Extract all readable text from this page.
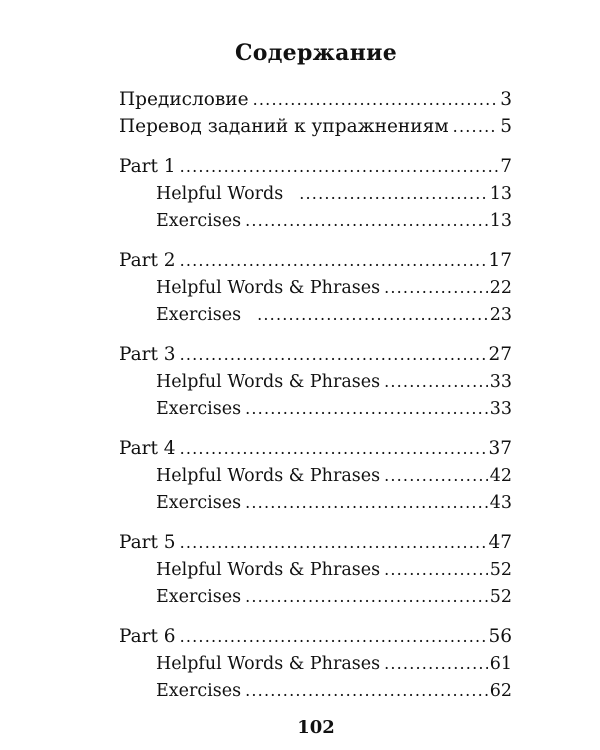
Содержание
Предисловие .....	3
Перевод заданий к упражнениям .....	5
Part 1 .....	7
Helpful Words .....	13
Exercises .....	13
Part 2 .....	17
Helpful Words & Phrases .....	22
Exercises .....	23
Part 3 .....	27
Helpful Words & Phrases .....	33
Exercises .....	33
Part 4 .....	37
Helpful Words & Phrases .....	42
Exercises .....	43
Part 5 .....	47
Helpful Words & Phrases .....	52
Exercises .....	52
Part 6 .....	56
Helpful Words & Phrases .....	61
Exercises .....	62
102
